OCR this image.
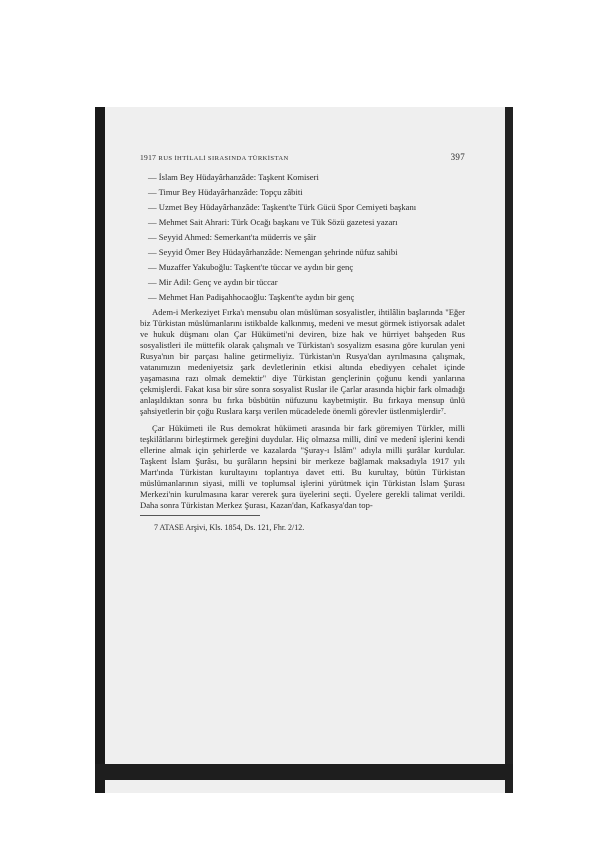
1917 RUS İHTİLALİ SIRASINDA TÜRKİSTAN	397
— İslam Bey Hüdayârhanzâde: Taşkent Komiseri
— Timur Bey Hüdayârhanzâde: Topçu zâbiti
— Uzmet Bey Hüdayârhanzâde: Taşkent'te Türk Gücü Spor Cemiyeti başkanı
— Mehmet Sait Ahrari: Türk Ocağı başkanı ve Tük Sözü gazetesi yazarı
— Seyyid Ahmed: Semerkant'ta müderris ve şâir
— Seyyid Ömer Bey Hüdayârhanzâde: Nemengan şehrinde nüfuz sahibi
— Muzaffer Yakuboğlu: Taşkent'te tüccar ve aydın bir genç
— Mir Adil: Genç ve aydın bir tüccar
— Mehmet Han Padişahhocaoğlu: Taşkent'te aydın bir genç

Adem-i Merkeziyet Fırka'ı mensubu olan müslüman sosyalistler, ihtilâlin başlarında "Eğer biz Türkistan müslümanlarını istikbalde kalkınmış, medeni ve mesut görmek istiyorsak adalet ve hukuk düşmanı olan Çar Hükümeti'ni deviren, bize hak ve hürriyet bahşeden Rus sosyalistleri ile müttefik olarak çalışmalı ve Türkistan'ı sosyalizm esasına göre kurulan yeni Rusya'nın bir parçası haline getirmeliyiz. Türkistan'ın Rusya'dan ayrılmasına çalışmak, vatanımızın medeniyetsiz şark devletlerinin etkisi altında ebediyyen cehalet içinde yaşamasına razı olmak demektir" diye Türkistan gençlerinin çoğunu kendi yanlarına çekmişlerdi. Fakat kısa bir süre sonra sosyalist Ruslar ile Çarlar arasında hiçbir fark olmadığı anlaşıldıktan sonra bu fırka büsbütün nüfuzunu kaybetmiştir. Bu fırkaya mensup ünlü şahsiyetlerin bir çoğu Ruslara karşı verilen mücadelede önemli görevler üstlenmişlerdir⁷.

Çar Hükümeti ile Rus demokrat hükümeti arasında bir fark göremiyen Türkler, milli teşkilâtlarını birleştirmek gereğini duydular. Hiç olmazsa milli, dinî ve medenî işlerini kendi ellerine almak için şehirlerde ve kazalarda "Şuray-ı İslâm" adıyla milli şurâlar kurdular. Taşkent İslam Şurâsı, bu şurâların hepsini bir merkeze bağlamak maksadıyla 1917 yılı Mart'ında Türkistan kurultayını toplantıya davet etti. Bu kurultay, bütün Türkistan müslümanlarının siyasi, milli ve toplumsal işlerini yürütmek için Türkistan İslam Şurası Merkezi'nin kurulmasına karar vererek şura üyelerini seçti. Üyelere gerekli talimat verildi. Daha sonra Türkistan Merkez Şurası, Kazan'dan, Kafkasya'dan top-

7 ATASE Arşivi, Kls. 1854, Ds. 121, Fhr. 2/12.
